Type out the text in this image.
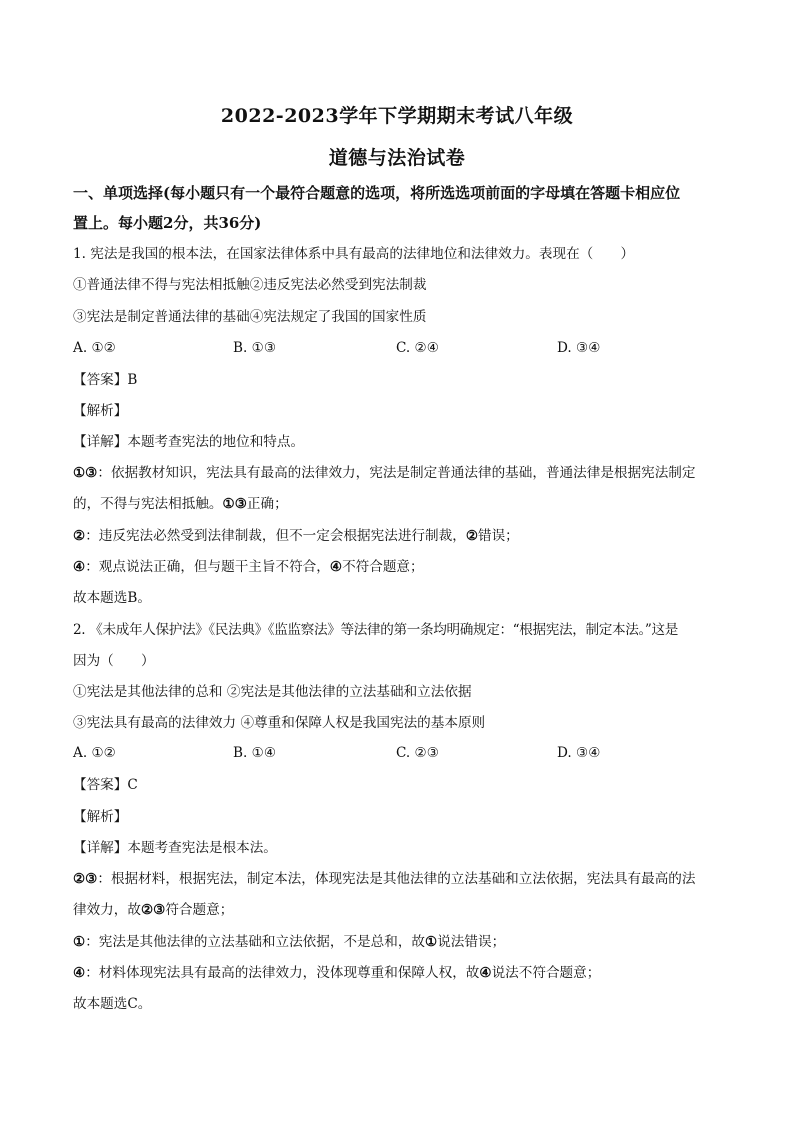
2022-2023学年下学期期末考试八年级
道德与法治试卷
一、单项选择(每小题只有一个最符合题意的选项，将所选选项前面的字母填在答题卡相应位
置上。每小题2分，共36分)
1. 宪法是我国的根本法，在国家法律体系中具有最高的法律地位和法律效力。表现在（　　）
①普通法律不得与宪法相抵触②违反宪法必然受到宪法制裁
③宪法是制定普通法律的基础④宪法规定了我国的国家性质
A. ①②	B. ①③	C. ②④	D. ③④
【答案】B
【解析】
【详解】本题考查宪法的地位和特点。
①③：依据教材知识，宪法具有最高的法律效力，宪法是制定普通法律的基础，普通法律是根据宪法制定
的，不得与宪法相抵触。①③正确；
②：违反宪法必然受到法律制裁，但不一定会根据宪法进行制裁，②错误；
④：观点说法正确，但与题干主旨不符合，④不符合题意；
故本题选B。
2. 《未成年人保护法》《民法典》《监监察法》等法律的第一条均明确规定：“根据宪法，制定本法。”这是
因为（　　）
①宪法是其他法律的总和 ②宪法是其他法律的立法基础和立法依据
③宪法具有最高的法律效力 ④尊重和保障人权是我国宪法的基本原则
A. ①②	B. ①④	C. ②③	D. ③④
【答案】C
【解析】
【详解】本题考查宪法是根本法。
②③：根据材料，根据宪法，制定本法，体现宪法是其他法律的立法基础和立法依据，宪法具有最高的法
律效力，故②③符合题意；
①：宪法是其他法律的立法基础和立法依据，不是总和，故①说法错误；
④：材料体现宪法具有最高的法律效力，没体现尊重和保障人权，故④说法不符合题意；
故本题选C。
